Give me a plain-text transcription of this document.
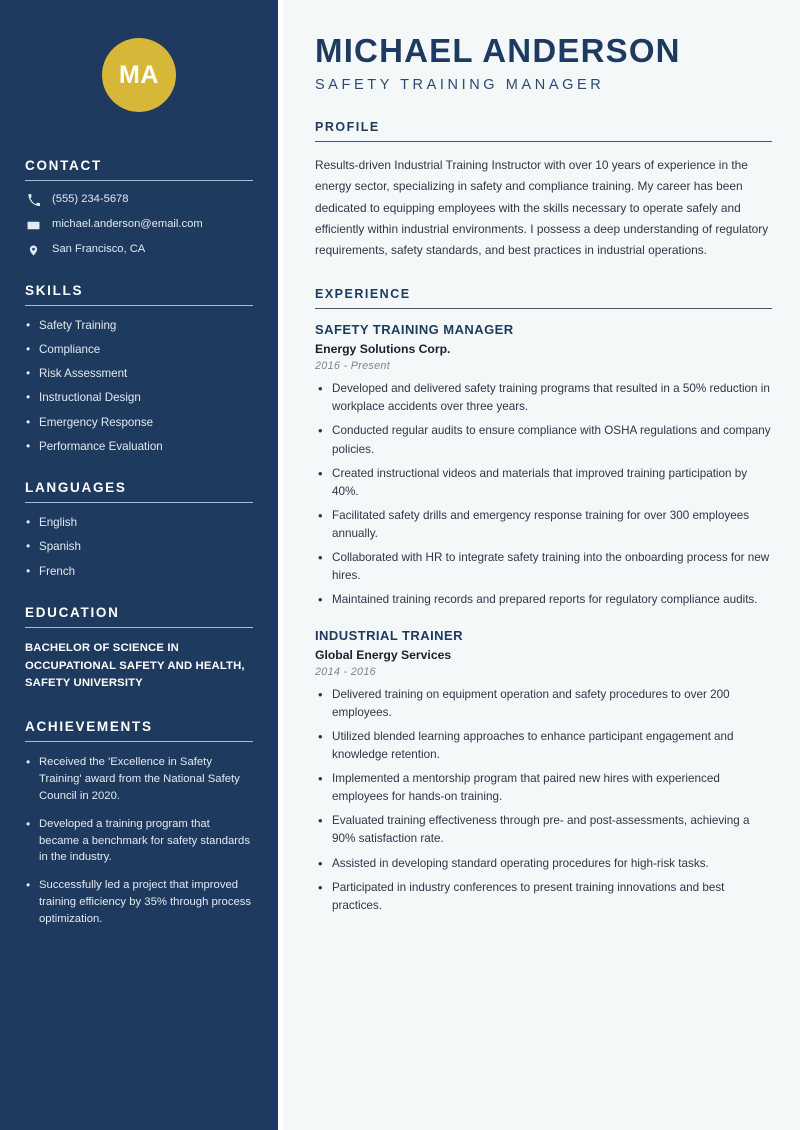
MA
CONTACT
(555) 234-5678
michael.anderson@email.com
San Francisco, CA
SKILLS
• Safety Training
• Compliance
• Risk Assessment
• Instructional Design
• Emergency Response
• Performance Evaluation
LANGUAGES
• English
• Spanish
• French
EDUCATION
BACHELOR OF SCIENCE IN OCCUPATIONAL SAFETY AND HEALTH, SAFETY UNIVERSITY
ACHIEVEMENTS
• Received the 'Excellence in Safety Training' award from the National Safety Council in 2020.
• Developed a training program that became a benchmark for safety standards in the industry.
• Successfully led a project that improved training efficiency by 35% through process optimization.
MICHAEL ANDERSON
SAFETY TRAINING MANAGER
PROFILE

Results-driven Industrial Training Instructor with over 10 years of experience in the energy sector, specializing in safety and compliance training. My career has been dedicated to equipping employees with the skills necessary to operate safely and efficiently within industrial environments. I possess a deep understanding of regulatory requirements, safety standards, and best practices in industrial operations.

EXPERIENCE
SAFETY TRAINING MANAGER
Energy Solutions Corp.
2016 - Present
• Developed and delivered safety training programs that resulted in a 50% reduction in workplace accidents over three years.
• Conducted regular audits to ensure compliance with OSHA regulations and company policies.
• Created instructional videos and materials that improved training participation by 40%.
• Facilitated safety drills and emergency response training for over 300 employees annually.
• Collaborated with HR to integrate safety training into the onboarding process for new hires.
• Maintained training records and prepared reports for regulatory compliance audits.
INDUSTRIAL TRAINER
Global Energy Services
2014 - 2016
• Delivered training on equipment operation and safety procedures to over 200 employees.
• Utilized blended learning approaches to enhance participant engagement and knowledge retention.
• Implemented a mentorship program that paired new hires with experienced employees for hands-on training.
• Evaluated training effectiveness through pre- and post-assessments, achieving a 90% satisfaction rate.
• Assisted in developing standard operating procedures for high-risk tasks.
• Participated in industry conferences to present training innovations and best practices.
